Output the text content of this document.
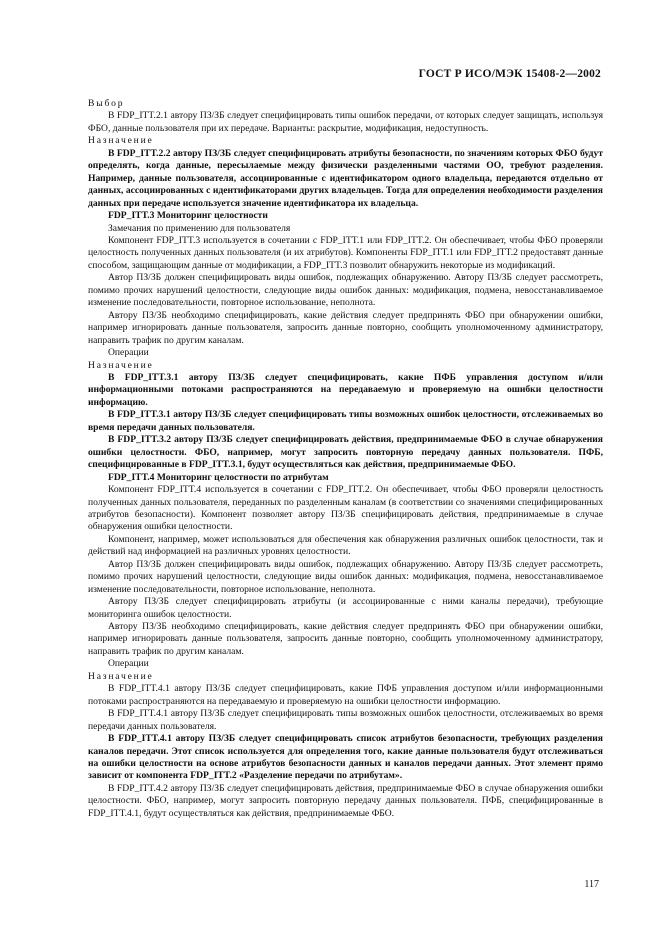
ГОСТ Р ИСО/МЭК 15408-2—2002

Выбор

В FDP_ITT.2.1 автору ПЗ/ЗБ следует специфицировать типы ошибок передачи, от которых следует защищать, используя ФБО, данные пользователя при их передаче. Варианты: раскрытие, модификация, недоступность.

Назначение

В FDP_ITT.2.2 автору ПЗ/ЗБ следует специфицировать атрибуты безопасности, по значениям которых ФБО будут определять, когда данные, пересылаемые между физически разделенными частями ОО, требуют разделения. Например, данные пользователя, ассоциированные с идентификатором одного владельца, передаются отдельно от данных, ассоциированных с идентификаторами других владельцев. Тогда для определения необходимости разделения данных при передаче используется значение идентификатора их владельца.

FDP_ITT.3 Мониторинг целостности

Замечания по применению для пользователя

Компонент FDP_ITT.3 используется в сочетании с FDP_ITT.1 или FDP_ITT.2. Он обеспечивает, чтобы ФБО проверяли целостность полученных данных пользователя (и их атрибутов). Компоненты FDP_ITT.1 или FDP_ITT.2 предоставят данные способом, защищающим данные от модификации, а FDP_ITT.3 позволит обнаружить некоторые из модификаций.

Автор ПЗ/ЗБ должен специфицировать виды ошибок, подлежащих обнаружению. Автору ПЗ/ЗБ следует рассмотреть, помимо прочих нарушений целостности, следующие виды ошибок данных: модификация, подмена, невосстанавливаемое изменение последовательности, повторное использование, неполнота.

Автору ПЗ/ЗБ необходимо специфицировать, какие действия следует предпринять ФБО при обнаружении ошибки, например игнорировать данные пользователя, запросить данные повторно, сообщить уполномоченному администратору, направить трафик по другим каналам.

Операции

Назначение

В FDP_ITT.3.1 автору ПЗ/ЗБ следует специфицировать, какие ПФБ управления доступом и/или информационными потоками распространяются на передаваемую и проверяемую на ошибки целостности информацию.

В FDP_ITT.3.1 автору ПЗ/ЗБ следует специфицировать типы возможных ошибок целостности, отслеживаемых во время передачи данных пользователя.

В FDP_ITT.3.2 автору ПЗ/ЗБ следует специфицировать действия, предпринимаемые ФБО в случае обнаружения ошибки целостности. ФБО, например, могут запросить повторную передачу данных пользователя. ПФБ, специфицированные в FDP_ITT.3.1, будут осуществляться как действия, предпринимаемые ФБО.

FDP_ITT.4 Мониторинг целостности по атрибутам

Компонент FDP_ITT.4 используется в сочетании с FDP_ITT.2. Он обеспечивает, чтобы ФБО проверяли целостность полученных данных пользователя, переданных по разделенным каналам (в соответствии со значениями специфицированных атрибутов безопасности). Компонент позволяет автору ПЗ/ЗБ специфицировать действия, предпринимаемые в случае обнаружения ошибки целостности.

Компонент, например, может использоваться для обеспечения как обнаружения различных ошибок целостности, так и действий над информацией на различных уровнях целостности.

Автор ПЗ/ЗБ должен специфицировать виды ошибок, подлежащих обнаружению. Автору ПЗ/ЗБ следует рассмотреть, помимо прочих нарушений целостности, следующие виды ошибок данных: модификация, подмена, невосстанавливаемое изменение последовательности, повторное использование, неполнота.

Автору ПЗ/ЗБ следует специфицировать атрибуты (и ассоциированные с ними каналы передачи), требующие мониторинга ошибок целостности.

Автору ПЗ/ЗБ необходимо специфицировать, какие действия следует предпринять ФБО при обнаружении ошибки, например игнорировать данные пользователя, запросить данные повторно, сообщить уполномоченному администратору, направить трафик по другим каналам.

Операции

Назначение

В FDP_ITT.4.1 автору ПЗ/ЗБ следует специфицировать, какие ПФБ управления доступом и/или информационными потоками распространяются на передаваемую и проверяемую на ошибки целостности информацию.

В FDP_ITT.4.1 автору ПЗ/ЗБ следует специфицировать типы возможных ошибок целостности, отслеживаемых во время передачи данных пользователя.

В FDP_ITT.4.1 автору ПЗ/ЗБ следует специфицировать список атрибутов безопасности, требующих разделения каналов передачи. Этот список используется для определения того, какие данные пользователя будут отслеживаться на ошибки целостности на основе атрибутов безопасности данных и каналов передачи данных. Этот элемент прямо зависит от компонента FDP_ITT.2 «Разделение передачи по атрибутам».

В FDP_ITT.4.2 автору ПЗ/ЗБ следует специфицировать действия, предпринимаемые ФБО в случае обнаружения ошибки целостности. ФБО, например, могут запросить повторную передачу данных пользователя. ПФБ, специфицированные в FDP_ITT.4.1, будут осуществляться как действия, предпринимаемые ФБО.

117
